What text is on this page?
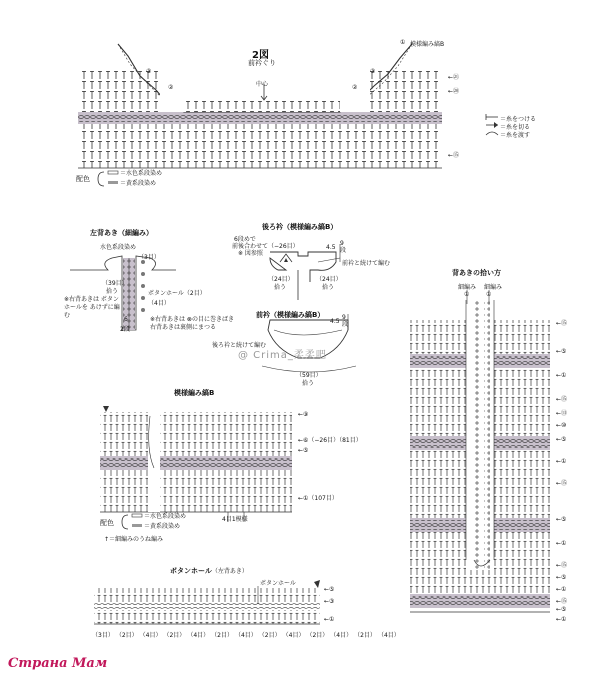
2図
前衿ぐり
中心
模様編み縞B
①
③
②
③
②
←㉑
←⑳
←⑮
配色
＝水色系段染め
＝黄系段染め
＝糸をつける
＝糸を切る
＝糸を渡す
左背あき（細編み）
水色系段染め
（3目）
（39目）
拾う	ボタンホール（2目）
（4目）
※右背あきは ボタンホールを あけずに編む
※右背あきは ⊗の目に巻きばき
右背あきは裏側にまつる
6
2段
後ろ衿（模様編み縞B）
6段めで
前後合わせて（−26目）
※ 図参照
4.5
9段
前衿と続けて編む
（24目）
拾う
（24目）
拾う
前衿（模様編み縞B）
4.5
9段
後ろ衿と続けて編む
（59目）
拾う
@ Crima_柔柔吧
模様編み縞B
←⑨
←⑥（−26目）（81目）
←⑤
←①（107目）
4目1模様
配色
＝水色系段染め
＝黄系段染め
↑＝細編みのうね編み
ボタンホール（左背あき）
ボタンホール
←⑤
←③
←①
（3目） （2目） （4目） （2目） （4目） （2目） （4目） （2目） （4目） （2目） （4目） （2目） （4目）
背あきの拾い方
細編み 細編み
①	①
←⑮
←⑤
←①
←⑮
←⑬
←⑩
←⑤
←①
←⑮
←⑤
←①
←⑮
←⑤
←①
←⑮
←⑤
←①
Страна Мам
